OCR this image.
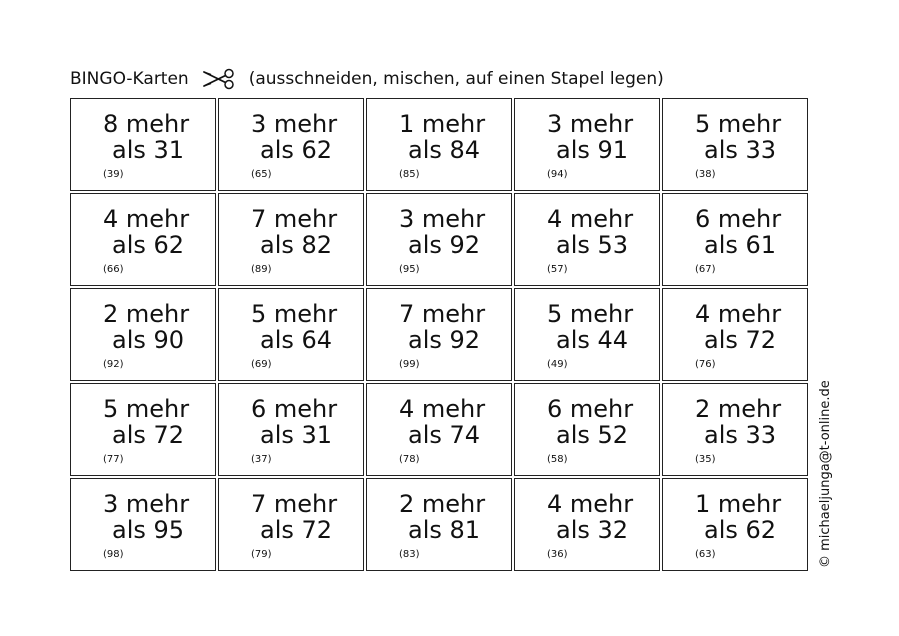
BINGO-Karten	(ausschneiden, mischen, auf einen Stapel legen)
8 mehr
als 31
(39)
3 mehr
als 62
(65)
1 mehr
als 84
(85)
3 mehr
als 91
(94)
5 mehr
als 33
(38)
4 mehr
als 62
(66)
7 mehr
als 82
(89)
3 mehr
als 92
(95)
4 mehr
als 53
(57)
6 mehr
als 61
(67)
2 mehr
als 90
(92)
5 mehr
als 64
(69)
7 mehr
als 92
(99)
5 mehr
als 44
(49)
4 mehr
als 72
(76)
5 mehr
als 72
(77)
6 mehr
als 31
(37)
4 mehr
als 74
(78)
6 mehr
als 52
(58)
2 mehr
als 33
(35)
3 mehr
als 95
(98)
7 mehr
als 72
(79)
2 mehr
als 81
(83)
4 mehr
als 32
(36)
1 mehr
als 62
(63)	© michaeljunga@t-online.de
